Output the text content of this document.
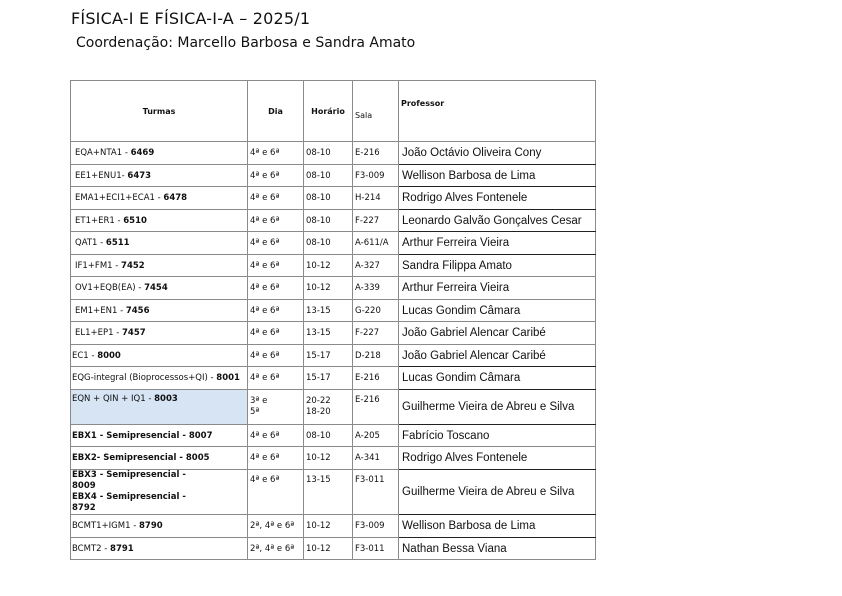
FÍSICA-I E FÍSICA-I-A – 2025/1
Coordenação: Marcello Barbosa e Sandra Amato
Turmas	Dia	Horário	Sala	Professor
EQA+NTA1 - 6469	4ª e 6ª	08-10	E-216	João Octávio Oliveira Cony
EE1+ENU1- 6473	4ª e 6ª	08-10	F3-009	Wellison Barbosa de Lima
EMA1+ECI1+ECA1 - 6478	4ª e 6ª	08-10	H-214	Rodrigo Alves Fontenele
ET1+ER1 - 6510	4ª e 6ª	08-10	F-227	Leonardo Galvão Gonçalves Cesar
QAT1 - 6511	4ª e 6ª	08-10	A-611/A	Arthur Ferreira Vieira
IF1+FM1 - 7452	4ª e 6ª	10-12	A-327	Sandra Filippa Amato
OV1+EQB(EA) - 7454	4ª e 6ª	10-12	A-339	Arthur Ferreira Vieira
EM1+EN1 - 7456	4ª e 6ª	13-15	G-220	Lucas Gondim Câmara
EL1+EP1 - 7457	4ª e 6ª	13-15	F-227	João Gabriel Alencar Caribé
EC1 - 8000	4ª e 6ª	15-17	D-218	João Gabriel Alencar Caribé
EQG-integral (Bioprocessos+QI) - 8001	4ª e 6ª	15-17	E-216	Lucas Gondim Câmara
EQN + QIN + IQ1 - 8003	3ª e
5ª	20-22
18-20	E-216	Guilherme Vieira de Abreu e Silva
EBX1 - Semipresencial - 8007	4ª e 6ª	08-10	A-205	Fabrício Toscano
EBX2- Semipresencial - 8005	4ª e 6ª	10-12	A-341	Rodrigo Alves Fontenele

EBX3 - Semipresencial -
8009
EBX4 - Semipresencial -
8792	4ª e 6ª	13-15	F3-011	Guilherme Vieira de Abreu e Silva
BCMT1+IGM1 - 8790	2ª, 4ª e 6ª	10-12	F3-009	Wellison Barbosa de Lima
BCMT2 - 8791	2ª, 4ª e 6ª	10-12	F3-011	Nathan Bessa Viana
